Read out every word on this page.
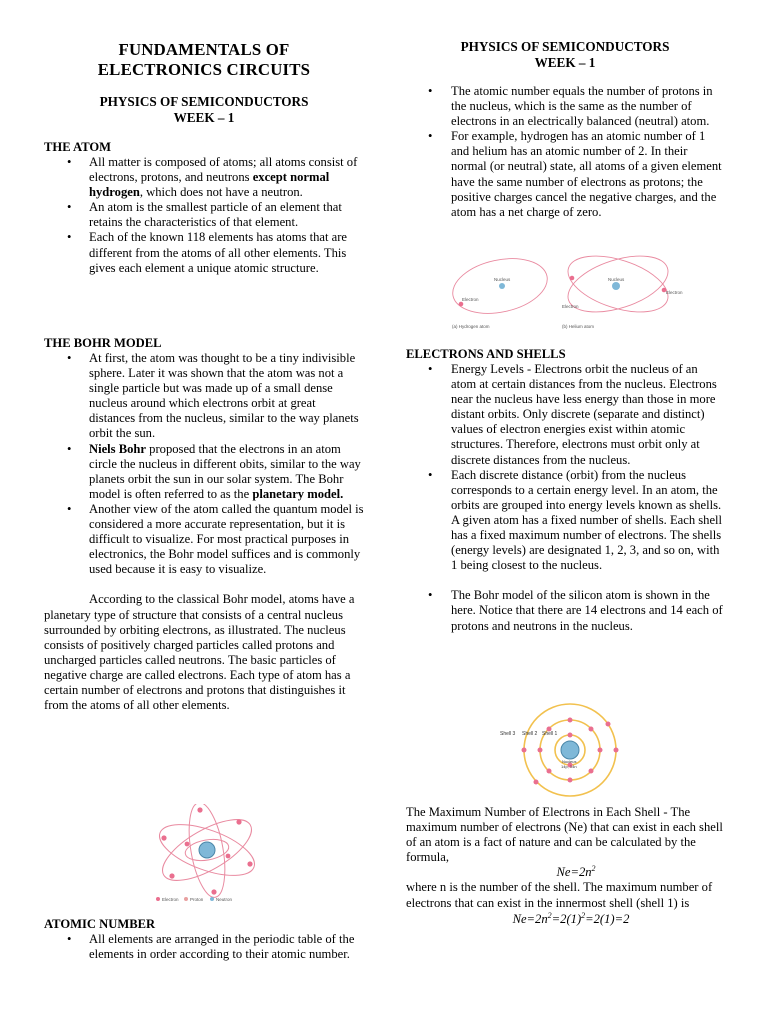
FUNDAMENTALS OF
ELECTRONICS CIRCUITS
PHYSICS OF SEMICONDUCTORS
WEEK – 1
THE ATOM
• All matter is composed of atoms; all atoms consist of electrons, protons, and neutrons except normal hydrogen, which does not have a neutron.
• An atom is the smallest particle of an element that retains the characteristics of that element.
• Each of the known 118 elements has atoms that are different from the atoms of all other elements. This gives each element a unique atomic structure.
THE BOHR MODEL
• At first, the atom was thought to be a tiny indivisible sphere. Later it was shown that the atom was not a single particle but was made up of a small dense nucleus around which electrons orbit at great distances from the nucleus, similar to the way planets orbit the sun.
• Niels Bohr proposed that the electrons in an atom circle the nucleus in different obits, similar to the way planets orbit the sun in our solar system. The Bohr model is often referred to as the planetary model.
• Another view of the atom called the quantum model is considered a more accurate representation, but it is difficult to visualize. For most practical purposes in electronics, the Bohr model suffices and is commonly used because it is easy to visualize.
According to the classical Bohr model, atoms have a planetary type of structure that consists of a central nucleus surrounded by orbiting electrons, as illustrated. The nucleus consists of positively charged particles called protons and uncharged particles called neutrons. The basic particles of negative charge are called electrons. Each type of atom has a certain number of electrons and protons that distinguishes it from the atoms of all other elements.
Electron	Proton	Neutron
ATOMIC NUMBER
• All elements are arranged in the periodic table of the elements in order according to their atomic number.
PHYSICS OF SEMICONDUCTORS
WEEK – 1
• The atomic number equals the number of protons in the nucleus, which is the same as the number of electrons in an electrically balanced (neutral) atom.
• For example, hydrogen has an atomic number of 1 and helium has an atomic number of 2. In their normal (or neutral) state, all atoms of a given element have the same number of electrons as protons; the positive charges cancel the negative charges, and the atom has a net charge of zero.
Nucleus
Electron
(a) Hydrogen atom
Nucleus
Electron
Electron
(b) Helium atom
ELECTRONS AND SHELLS
• Energy Levels - Electrons orbit the nucleus of an atom at certain distances from the nucleus. Electrons near the nucleus have less energy than those in more distant orbits. Only discrete (separate and distinct) values of electron energies exist within atomic structures. Therefore, electrons must orbit only at discrete distances from the nucleus.
• Each discrete distance (orbit) from the nucleus corresponds to a certain energy level. In an atom, the orbits are grouped into energy levels known as shells. A given atom has a fixed number of shells. Each shell has a fixed maximum number of electrons. The shells (energy levels) are designated 1, 2, 3, and so on, with 1 being closest to the nucleus.
• The Bohr model of the silicon atom is shown in the here. Notice that there are 14 electrons and 14 each of protons and neutrons in the nucleus.
Shell 3 Shell 2 Shell 1
Nucleus
14p, 14n
The Maximum Number of Electrons in Each Shell - The maximum number of electrons (Ne) that can exist in each shell of an atom is a fact of nature and can be calculated by the formula,
$Ne=2n^2$
where n is the number of the shell. The maximum number of electrons that can exist in the innermost shell (shell 1) is
$Ne=2n^2=2(1)^2=2(1)=2$
